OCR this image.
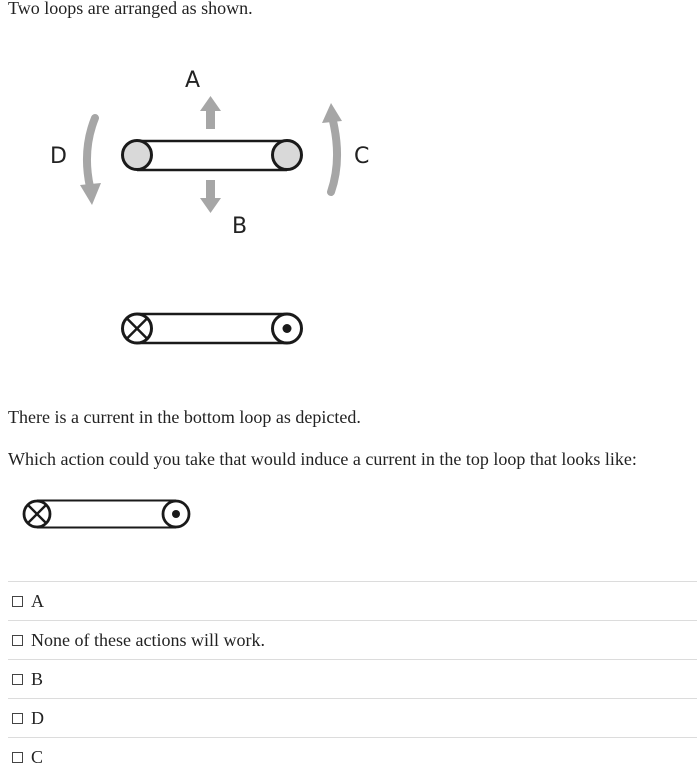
Two loops are arranged as shown.

A
B
D	C

There is a current in the bottom loop as depicted.

Which action could you take that would induce a current in the top loop that looks like:

A
None of these actions will work.
B
D
C
